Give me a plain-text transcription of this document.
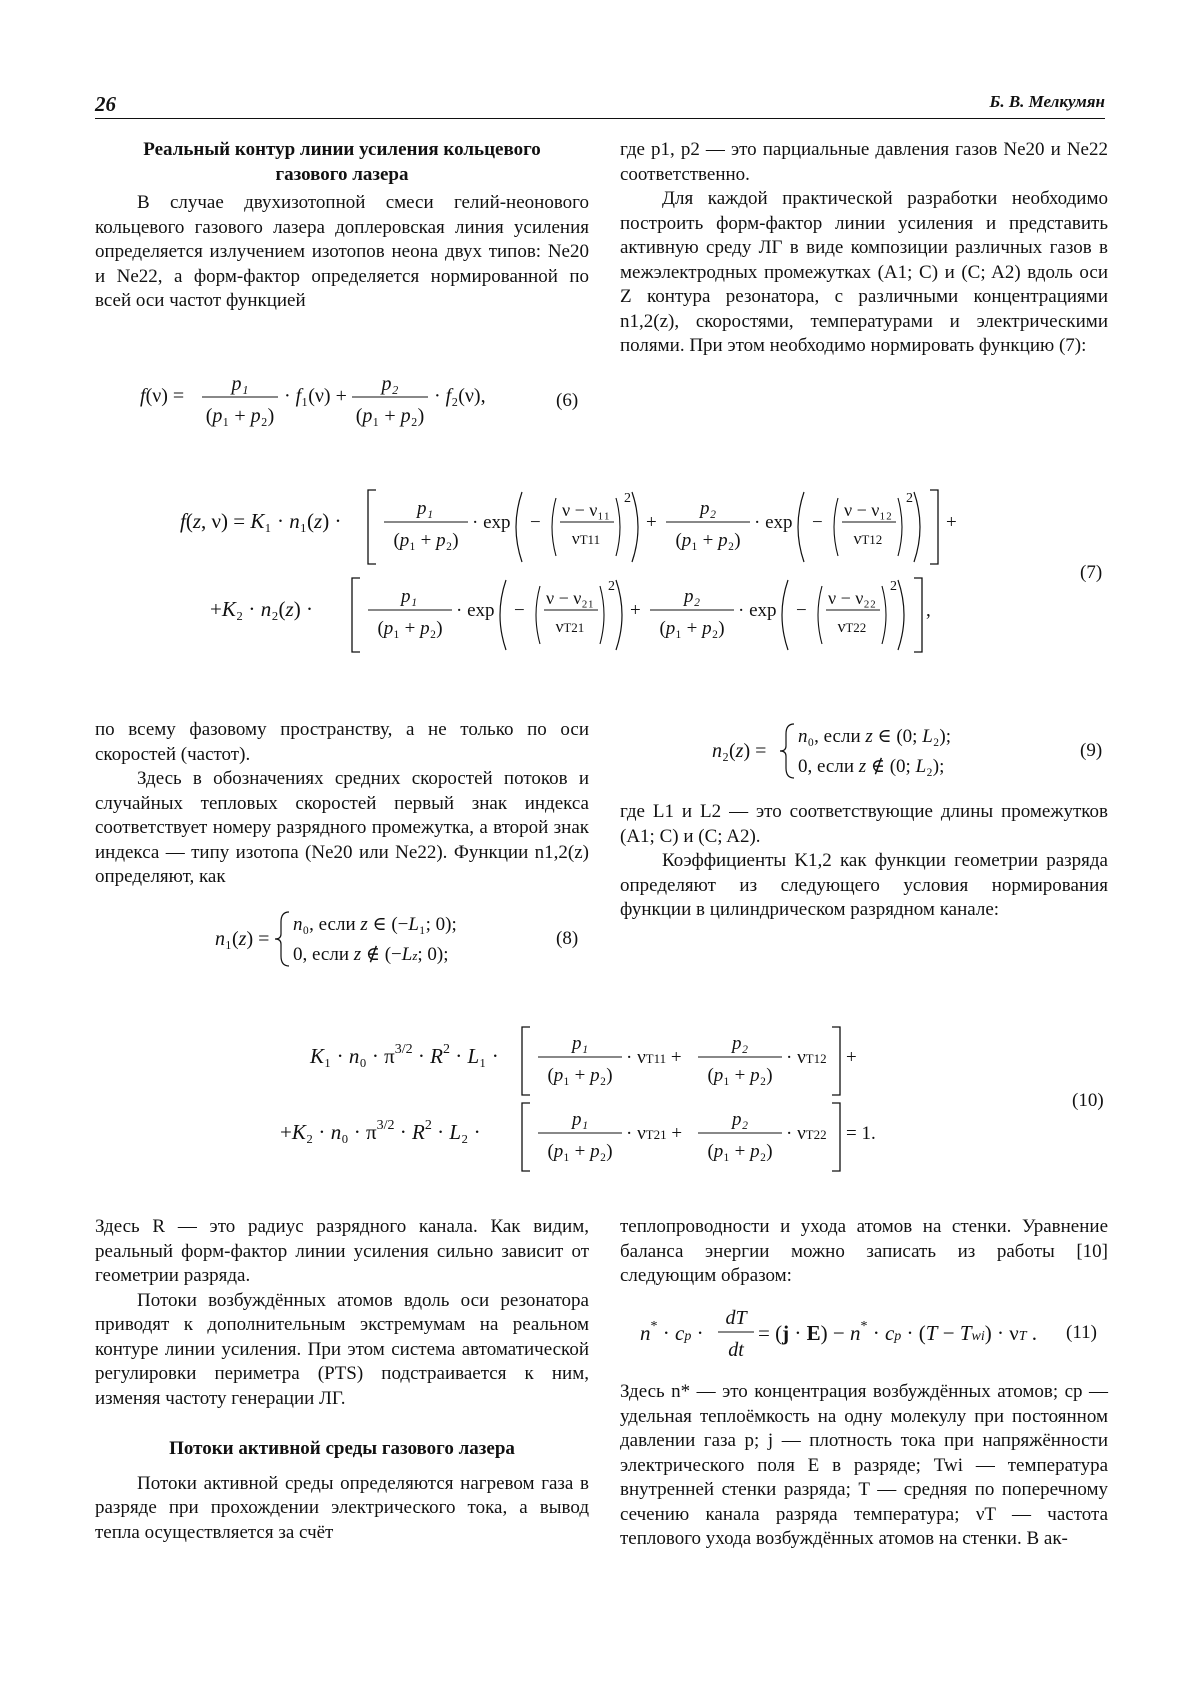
26	Б. В. Мелкумян

Реальный контур линии усиления кольцевого газового лазера

В случае двухизотопной смеси гелий-неонового кольцевого газового лазера доплеровская линия усиления определяется излучением изотопов неона двух типов: Ne20 и Ne22, а форм-фактор определяется нормированной по всей оси частот функцией

f(ν) =
p₁
(p₁ + p₂)
· f₁(ν) +
p₂
(p₁ + p₂)
· f₂(ν),	(6)

где p1, p2 — это парциальные давления газов Ne20 и Ne22 соответственно.

Для каждой практической разработки необходимо построить форм-фактор линии усиления и представить активную среду ЛГ в виде композиции различных газов в межэлектродных промежутках (A1; C) и (C; A2) вдоль оси Z контура резонатора, с различными концентрациями n1,2(z), скоростями, температурами и электрическими полями. При этом необходимо нормировать функцию (7):

f(z, ν) = K₁ · n₁(z) ·
p₁
(p₁ + p₂)
· exp −
ν − ν₁₁
νT11
2
+
p₂
(p₁ + p₂)
· exp −
ν − ν₁₂
νT12
2
+
+K₂ · n₂(z) ·
p₁
(p₁ + p₂)
· exp −
ν − ν₂₁
νT21
2
+
p₂
(p₁ + p₂)
· exp −
ν − ν₂₂
νT22
2
,
(7)

по всему фазовому пространству, а не только по оси скоростей (частот).

Здесь в обозначениях средних скоростей потоков и случайных тепловых скоростей первый знак индекса соответствует номеру разрядного промежутка, а второй знак индекса — типу изотопа (Ne20 или Ne22). Функции n1,2(z) определяют, как

n₁(z) =
n₀, если z ∈ (−L₁; 0);
0, если z ∉ (−Lz; 0);
(8)
n₂(z) =
n₀, если z ∈ (0; L₂);
0, если z ∉ (0; L₂);
(9)

где L1 и L2 — это соответствующие длины промежутков (A1; C) и (C; A2).

Коэффициенты K1,2 как функции геометрии разряда определяют из следующего условия нормирования функции в цилиндрическом разрядном канале:

$K_1 \cdot n_0 \cdot \pi^{3/2} \cdot R^2 \cdot L_1$ ·
p₁
(p₁ + p₂)
· νT11 +
p₂
(p₁ + p₂)
· νT12 +
$+K_2 \cdot n_0 \cdot \pi^{3/2} \cdot R^2 \cdot L_2$ ·
p₁
(p₁ + p₂)
· νT21 +
p₂
(p₁ + p₂)
· νT22 = 1.
(10)

Здесь R — это радиус разрядного канала. Как видим, реальный форм-фактор линии усиления сильно зависит от геометрии разряда.

Потоки возбуждённых атомов вдоль оси резонатора приводят к дополнительным экстремумам на реальном контуре линии усиления. При этом система автоматической регулировки периметра (PTS) подстраивается к ним, изменяя частоту генерации ЛГ.

Потоки активной среды газового лазера

Потоки активной среды определяются нагревом газа в разряде при прохождении электрического тока, а вывод тепла осуществляется за счёт

теплопроводности и ухода атомов на стенки. Уравнение баланса энергии можно записать из работы [10] следующим образом:

n* · cp ·
dT
dt
= (j · E) − n* · cp · (T − Twi) · νT . (11)

Здесь n* — это концентрация возбуждённых атомов; cp — удельная теплоёмкость на одну молекулу при постоянном давлении газа p; j — плотность тока при напряжённости электрического поля E в разряде; Twi — температура внутренней стенки разряда; T — средняя по поперечному сечению канала разряда температура; νT — частота теплового ухода возбуждённых атомов на стенки. В ак-
